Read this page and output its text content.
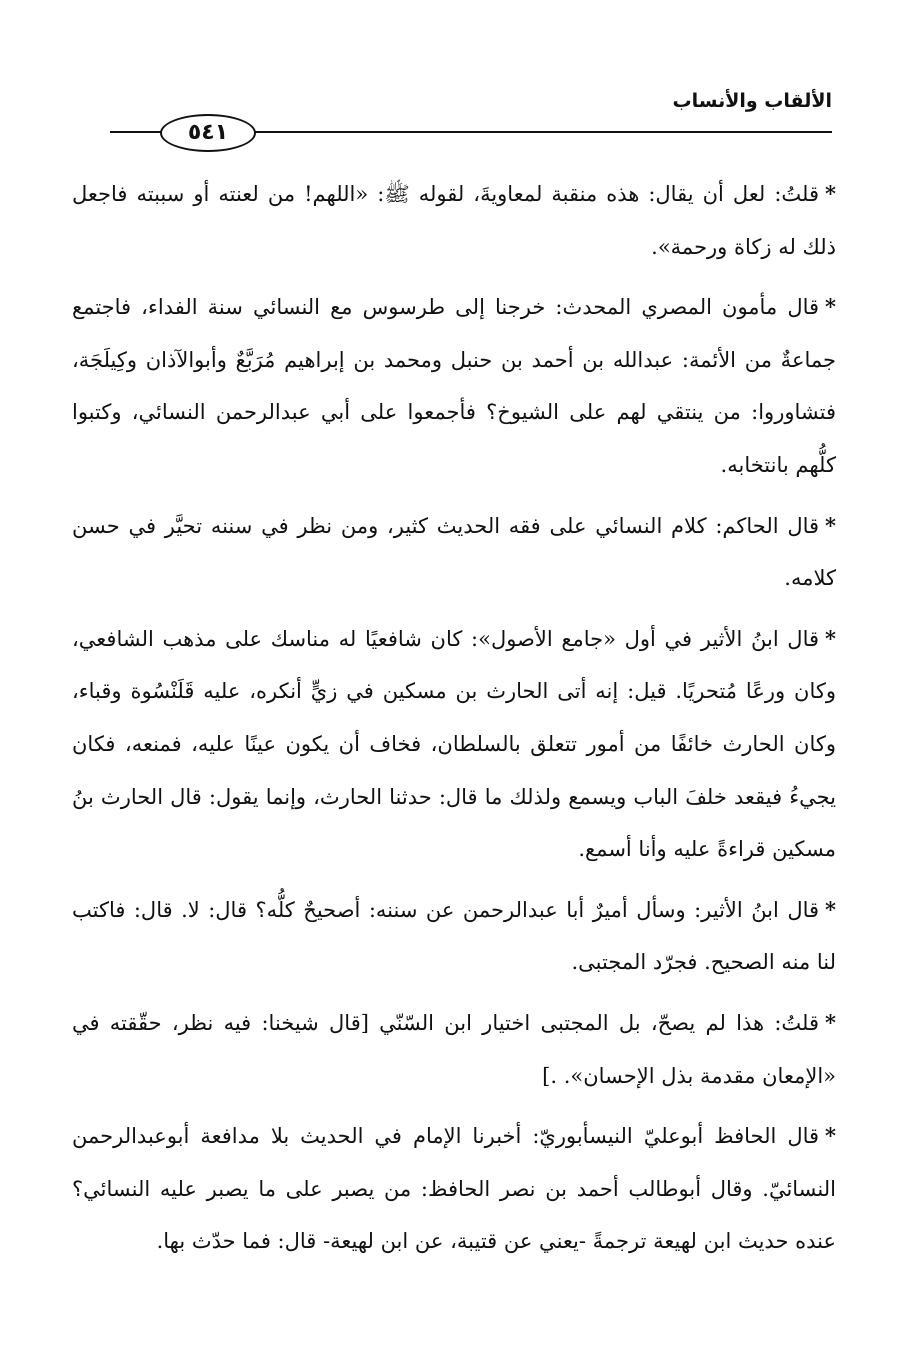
الألقاب والأنساب
٥٤١

*قلتُ: لعل أن يقال: هذه منقبة لمعاويةَ، لقوله ﷺ: «اللهم! من لعنته أو سببته فاجعل ذلك له زكاة ورحمة».

*قال مأمون المصري المحدث: خرجنا إلى طرسوس مع النسائي سنة الفداء، فاجتمع جماعةٌ من الأئمة: عبدالله بن أحمد بن حنبل ومحمد بن إبراهيم مُرَبَّعٌ وأبوالآذان وكِيلَجَة، فتشاوروا: من ينتقي لهم على الشيوخ؟ فأجمعوا على أبي عبدالرحمن النسائي، وكتبوا كلُّهم بانتخابه.

*قال الحاكم: كلام النسائي على فقه الحديث كثير، ومن نظر في سننه تحيَّر في حسن كلامه.

*قال ابنُ الأثير في أول «جامع الأصول»: كان شافعيًا له مناسك على مذهب الشافعي، وكان ورعًا مُتحريًا. قيل: إنه أتى الحارث بن مسكين في زيٍّ أنكره، عليه قَلَنْسُوة وقباء، وكان الحارث خائفًا من أمور تتعلق بالسلطان، فخاف أن يكون عينًا عليه، فمنعه، فكان يجيءُ فيقعد خلفَ الباب ويسمع ولذلك ما قال: حدثنا الحارث، وإنما يقول: قال الحارث بنُ مسكين قراءةً عليه وأنا أسمع.

*قال ابنُ الأثير: وسأل أميرٌ أبا عبدالرحمن عن سننه: أصحيحٌ كلُّه؟ قال: لا. قال: فاكتب لنا منه الصحيح. فجرّد المجتبى.

*قلتُ: هذا لم يصحّ، بل المجتبى اختيار ابن السّنّي [قال شيخنا: فيه نظر، حقّقته في «الإمعان مقدمة بذل الإحسان». .]

*قال الحافظ أبوعليّ النيسأبوريّ: أخبرنا الإمام في الحديث بلا مدافعة أبوعبدالرحمن النسائيّ. وقال أبوطالب أحمد بن نصر الحافظ: من يصبر على ما يصبر عليه النسائي؟ عنده حديث ابن لهيعة ترجمةً -يعني عن قتيبة، عن ابن لهيعة- قال: فما حدّث بها.
